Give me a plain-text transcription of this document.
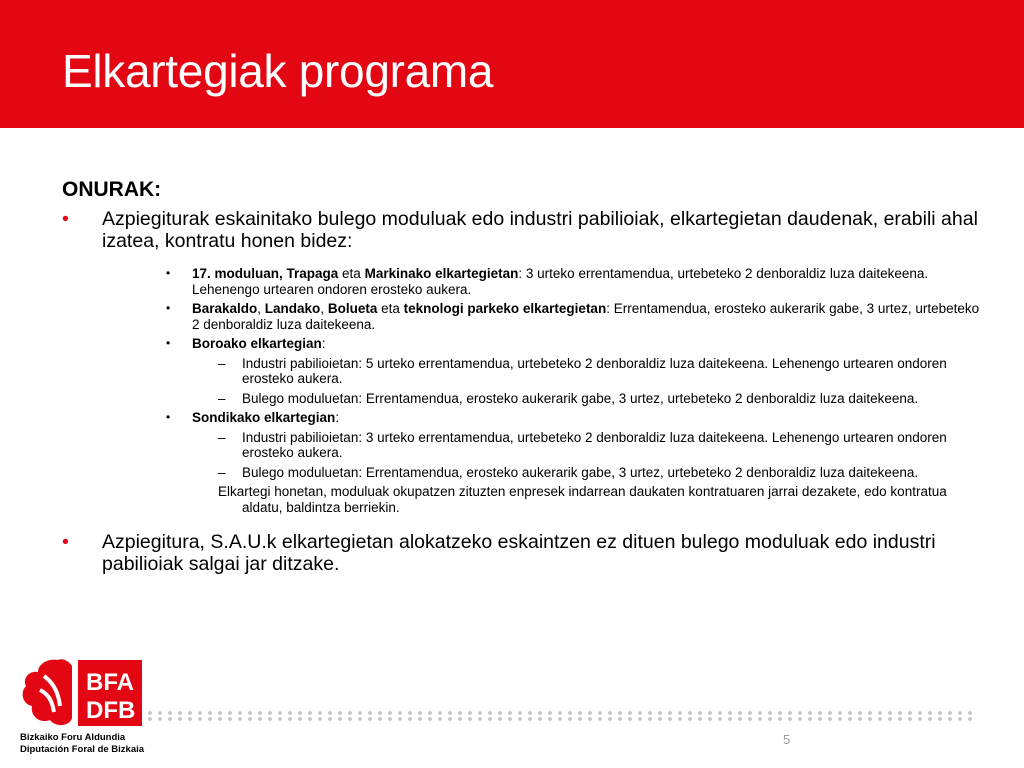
Elkartegiak programa
ONURAK:
• Azpiegiturak eskainitako bulego moduluak edo industri pabilioiak, elkartegietan daudenak, erabili ahal izatea, kontratu honen bidez:
• 17. moduluan, Trapaga eta Markinako elkartegietan: 3 urteko errentamendua, urtebeteko 2 denboraldiz luza daitekeena. Lehenengo urtearen ondoren erosteko aukera.
• Barakaldo, Landako, Bolueta eta teknologi parkeko elkartegietan: Errentamendua, erosteko aukerarik gabe, 3 urtez, urtebeteko 2 denboraldiz luza daitekeena.
• Boroako elkartegian:
– Industri pabilioietan: 5 urteko errentamendua, urtebeteko 2 denboraldiz luza daitekeena. Lehenengo urtearen ondoren erosteko aukera.
– Bulego moduluetan: Errentamendua, erosteko aukerarik gabe, 3 urtez, urtebeteko 2 denboraldiz luza daitekeena.
• Sondikako elkartegian:
– Industri pabilioietan: 3 urteko errentamendua, urtebeteko 2 denboraldiz luza daitekeena. Lehenengo urtearen ondoren erosteko aukera.
– Bulego moduluetan: Errentamendua, erosteko aukerarik gabe, 3 urtez, urtebeteko 2 denboraldiz luza daitekeena.
Elkartegi honetan, moduluak okupatzen zituzten enpresek indarrean daukaten kontratuaren jarrai dezakete, edo kontratua aldatu, baldintza berriekin.
• Azpiegitura, S.A.U.k elkartegietan alokatzeko eskaintzen ez dituen bulego moduluak edo industri pabilioiak salgai jar ditzake.
BFA
DFB
Bizkaiko Foru Aldundia
Diputación Foral de Bizkaia
5
